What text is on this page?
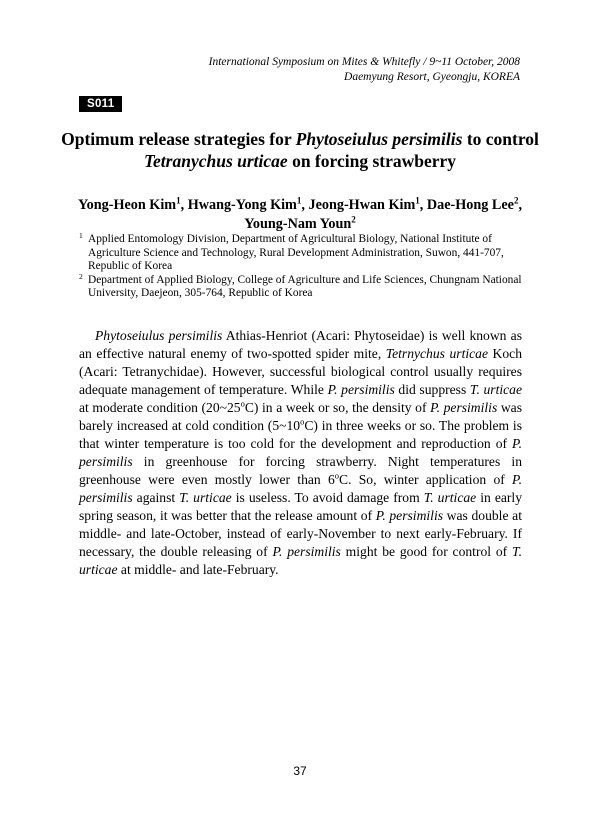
International Symposium on Mites & Whitefly / 9~11 October, 2008
Daemyung Resort, Gyeongju, KOREA
S011
Optimum release strategies for Phytoseiulus persimilis to control
Tetranychus urticae on forcing strawberry
Yong-Heon Kim$^1$, Hwang-Yong Kim$^1$, Jeong-Hwan Kim$^1$, Dae-Hong Lee$^2$,
Young-Nam Youn$^2$
1 Applied Entomology Division, Department of Agricultural Biology, National Institute of Agriculture Science and Technology, Rural Development Administration, Suwon, 441-707, Republic of Korea
2 Department of Applied Biology, College of Agriculture and Life Sciences, Chungnam National University, Daejeon, 305-764, Republic of Korea

Phytoseiulus persimilis Athias-Henriot (Acari: Phytoseidae) is well known as an effective natural enemy of two-spotted spider mite, Tetrnychus urticae Koch (Acari: Tetranychidae). However, successful biological control usually requires adequate management of temperature. While P. persimilis did suppress T. urticae at moderate condition (20~25$^o$C) in a week or so, the density of P. persimilis was barely increased at cold condition (5~10$^o$C) in three weeks or so. The problem is that winter temperature is too cold for the development and reproduction of P. persimilis in greenhouse for forcing strawberry. Night temperatures in greenhouse were even mostly lower than 6$^o$C. So, winter application of P. persimilis against T. urticae is useless. To avoid damage from T. urticae in early spring season, it was better that the release amount of P. persimilis was double at middle- and late-October, instead of early-November to next early-February. If necessary, the double releasing of P. persimilis might be good for control of T. urticae at middle- and late-February.

37
